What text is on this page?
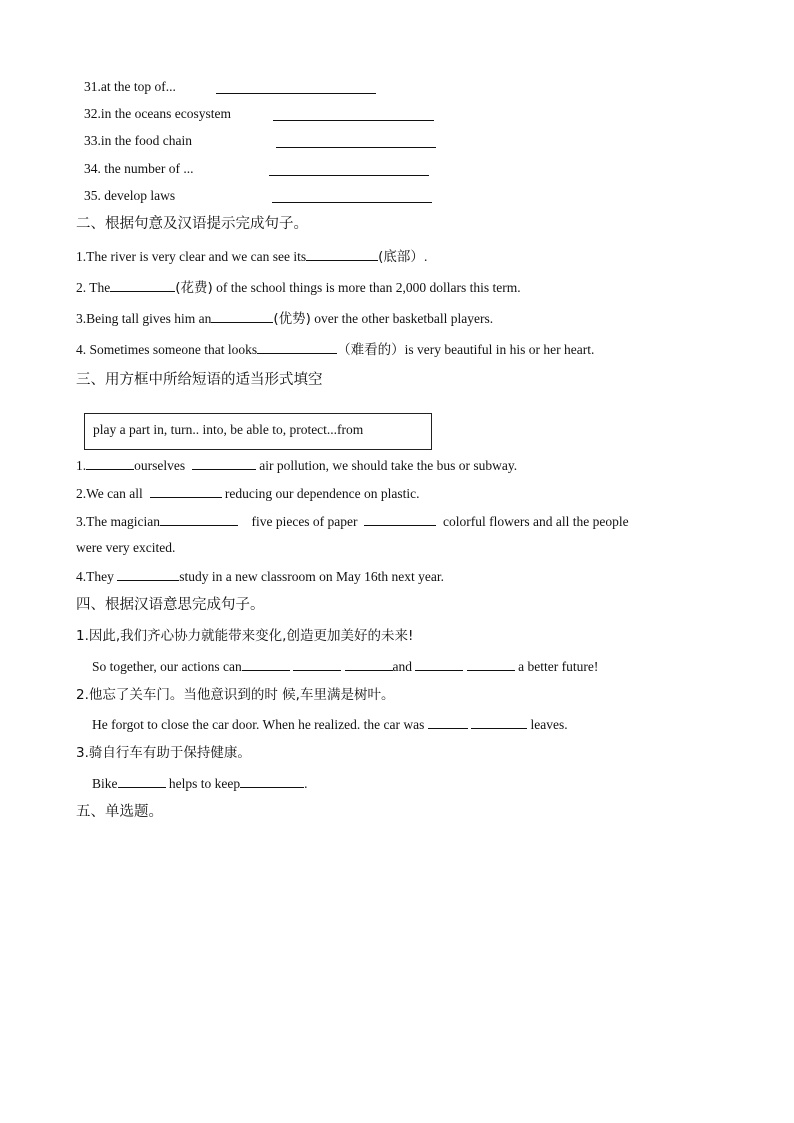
31.at the top of...
32.in the oceans ecosystem
33.in the food chain
34. the number of ...
35. develop laws
二、根据句意及汉语提示完成句子。
1.The river is very clear and we can see its	(底部）.
2. The	(花费) of the school things is more than 2,000 dollars this term.
3.Being tall gives him an	(优势) over the other basketball players.
4. Sometimes someone that looks	（难看的）is very beautiful in his or her heart.
三、用方框中所给短语的适当形式填空
play a part in, turn.. into, be able to, protect...from
1.	ourselves	air pollution, we should take the bus or subway.
2.We can all	reducing our dependence on plastic.
3.The magician	five pieces of paper	colorful flowers and all the people
were very excited.
4.They	study in a new classroom on May 16th next year.
四、根据汉语意思完成句子。
1.因此,我们齐心协力就能带来变化,创造更加美好的未来!
So together, our actions can	and	a better future!
2.他忘了关车门。当他意识到的时 候,车里满是树叶。
He forgot to close the car door. When he realized. the car was	leaves.
3.骑自行车有助于保持健康。
Bike	helps to keep	.
五、单选题。
